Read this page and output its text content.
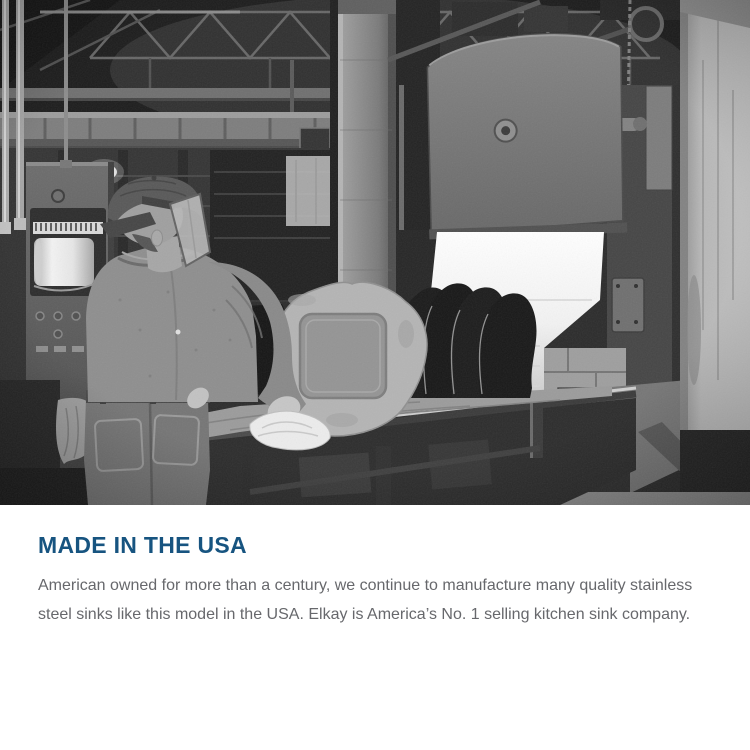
MADE IN THE USA
American owned for more than a century, we continue to manufacture many quality stainless
steel sinks like this model in the USA. Elkay is America’s No. 1 selling kitchen sink company.
